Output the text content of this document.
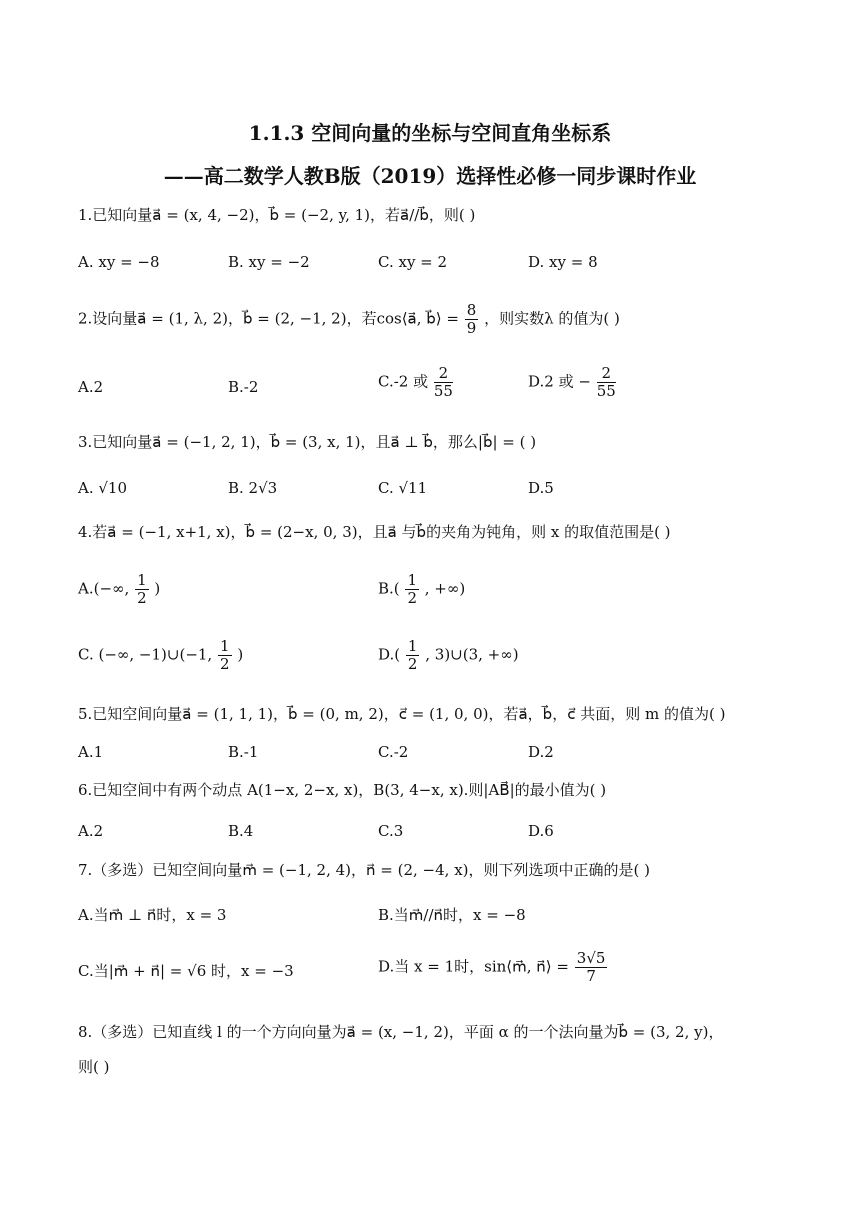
1.1.3 空间向量的坐标与空间直角坐标系
——高二数学人教B版（2019）选择性必修一同步课时作业
1.已知向量a⃗ = (x, 4, −2)，b⃗ = (−2, y, 1)，若a⃗//b⃗，则( )
A. xy = −8	B. xy = −2	C. xy = 2	D. xy = 8
2.设向量a⃗ = (1, λ, 2)，b⃗ = (2, −1, 2)，若cos⟨a⃗, b⃗⟩ = $\frac{8}{9}$ ，则实数λ 的值为( )
A.2	B.-2	C.-2 或 $\frac{2}{55}$	D.2 或 − $\frac{2}{55}$
3.已知向量a⃗ = (−1, 2, 1)，b⃗ = (3, x, 1)，且a⃗ ⊥ b⃗，那么|b⃗| = ( )
A. √10	B. 2√3	C. √11	D.5
4.若a⃗ = (−1, x+1, x)，b⃗ = (2−x, 0, 3)，且a⃗ 与b⃗的夹角为钝角，则 x 的取值范围是( )
A.(−∞, $\frac{1}{2}$ )	$B.( \frac{1}{2}$ , +∞)
C. (−∞, −1)∪(−1, $\frac{1}{2}$ )	$D.( \frac{1}{2}$ , 3)∪(3, +∞)
5.已知空间向量a⃗ = (1, 1, 1)，b⃗ = (0, m, 2)，c⃗ = (1, 0, 0)，若a⃗，b⃗，c⃗ 共面，则 m 的值为( )
A.1	B.-1	C.-2	D.2
6.已知空间中有两个动点 A(1−x, 2−x, x)，B(3, 4−x, x).则|AB⃗|的最小值为( )
A.2	B.4	C.3	D.6
7.（多选）已知空间向量m⃗ = (−1, 2, 4)，n⃗ = (2, −4, x)，则下列选项中正确的是( )
A.当m⃗ ⊥ n⃗时，x = 3	B.当m⃗//n⃗时，x = −8
C.当|m⃗ + n⃗| = √6 时，x = −3	D.当 x = 1时，sin⟨m⃗, n⃗⟩ = $\frac{3√5}{7}$
8.（多选）已知直线 l 的一个方向向量为a⃗ = (x, −1, 2)，平面 α 的一个法向量为b⃗ = (3, 2, y)，
则( )
